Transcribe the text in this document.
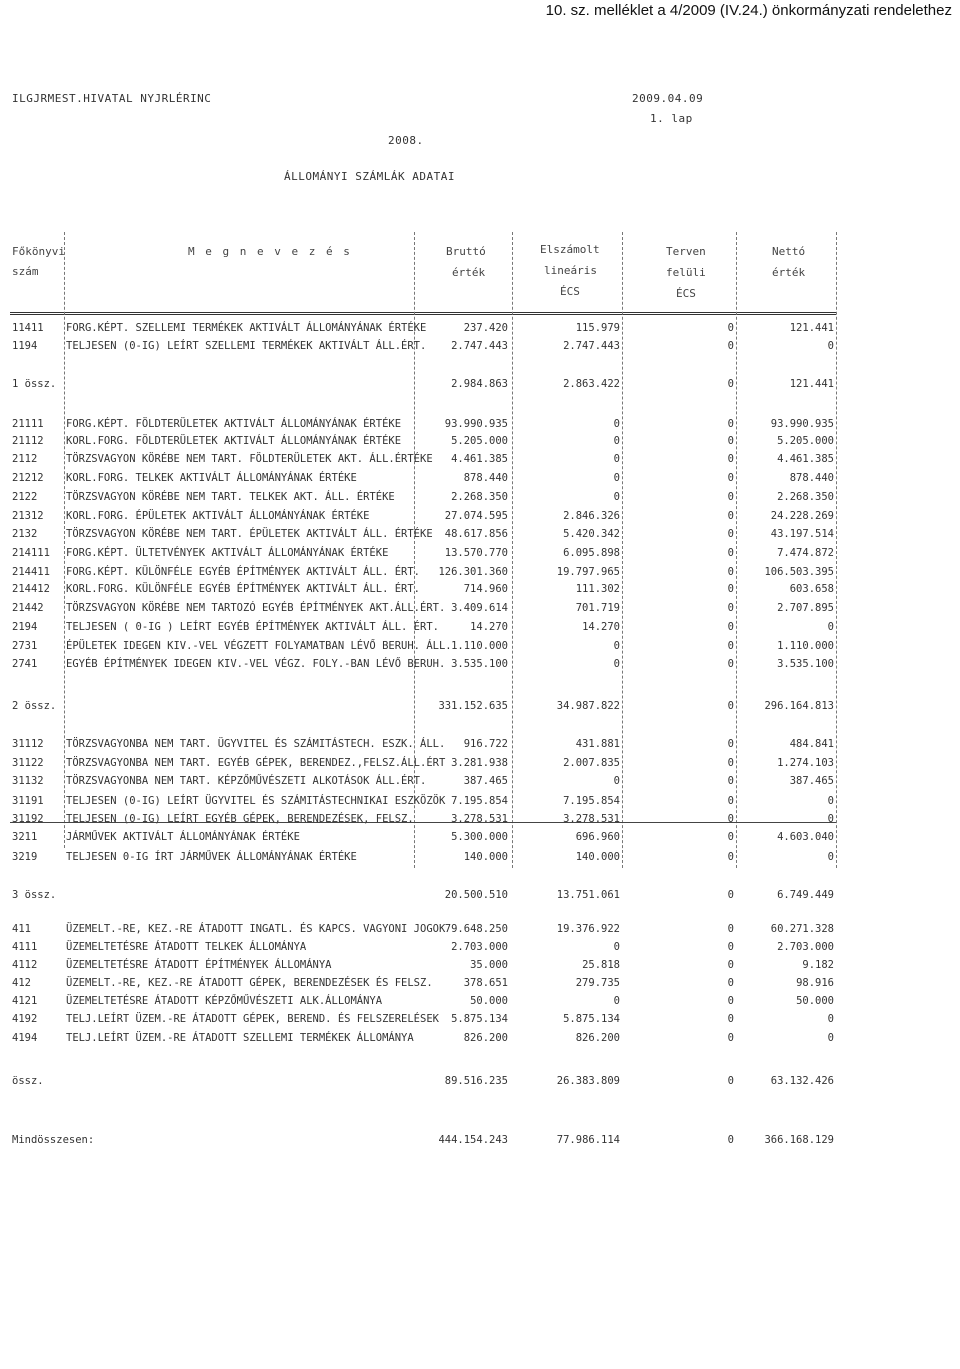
10. sz. melléklet a 4/2009 (IV.24.) önkormányzati rendelethez
ILGJRMEST.HIVATAL NYJRLÉRINC	2009.04.09
1. lap
2008.
ÁLLOMÁNYI SZÁMLÁK ADATAI
Főkönyvi
szám
M e g n e v e z é s	Bruttó
érték
Elszámolt
lineáris
ÉCS
Terven
felüli
ÉCS
Nettó
érték
11411	FORG.KÉPT. SZELLEMI TERMÉKEK AKTIVÁLT ÁLLOMÁNYÁNAK ÉRTÉKE	237.420	115.979	0	121.441
1194	TELJESEN (0-IG) LEÍRT SZELLEMI TERMÉKEK AKTIVÁLT ÁLL.ÉRT. 2.747.443	2.747.443	0	0
1 össz.	2.984.863	2.863.422	0	121.441
21111	FORG.KÉPT. FÖLDTERÜLETEK AKTIVÁLT ÁLLOMÁNYÁNAK ÉRTÉKE	93.990.935	0	0	93.990.935
21112	KORL.FORG. FÖLDTERÜLETEK AKTIVÁLT ÁLLOMÁNYÁNAK ÉRTÉKE	5.205.000	0	0	5.205.000
2112	TÖRZSVAGYON KÖRÉBE NEM TART. FÖLDTERÜLETEK AKT. ÁLL.ÉRTÉKE 4.461.385	0	0	4.461.385
21212	KORL.FORG. TELKEK AKTIVÁLT ÁLLOMÁNYÁNAK ÉRTÉKE	878.440	0	0	878.440
2122	TÖRZSVAGYON KÖRÉBE NEM TART. TELKEK AKT. ÁLL. ÉRTÉKE	2.268.350	0	0	2.268.350
21312	KORL.FORG. ÉPÜLETEK AKTIVÁLT ÁLLOMÁNYÁNAK ÉRTÉKE	27.074.595	2.846.326	0	24.228.269
2132	TÖRZSVAGYON KÖRÉBE NEM TART. ÉPÜLETEK AKTIVÁLT ÁLL. ÉRTÉKE 48.617.856	5.420.342	0	43.197.514
214111	FORG.KÉPT. ÜLTETVÉNYEK AKTIVÁLT ÁLLOMÁNYÁNAK ÉRTÉKE	13.570.770	6.095.898	0	7.474.872
214411	FORG.KÉPT. KÜLÖNFÉLE EGYÉB ÉPÍTMÉNYEK AKTIVÁLT ÁLL. ÉRT. 126.301.360	19.797.965	0	106.503.395
214412	KORL.FORG. KÜLÖNFÉLE EGYÉB ÉPÍTMÉNYEK AKTIVÁLT ÁLL. ÉRT.	714.960	111.302	0	603.658
21442	TÖRZSVAGYON KÖRÉBE NEM TARTOZÓ EGYÉB ÉPÍTMÉNYEK AKT.ÁLL.ÉRT. 3.409.614	701.719	0	2.707.895
2194	TELJESEN ( 0-IG ) LEÍRT EGYÉB ÉPÍTMÉNYEK AKTIVÁLT ÁLL. ÉRT.	14.270	14.270	0	0
2731	ÉPÜLETEK IDEGEN KIV.-VEL VÉGZETT FOLYAMATBAN LÉVŐ BERUH. ÁLL. 1.110.000	0	0	1.110.000
2741	EGYÉB ÉPÍTMÉNYEK IDEGEN KIV.-VEL VÉGZ. FOLY.-BAN LÉVŐ BERUH. 3.535.100	0	0	3.535.100
2 össz.	331.152.635	34.987.822	0	296.164.813
31112	TÖRZSVAGYONBA NEM TART. ÜGYVITEL ÉS SZÁMITÁSTECH. ESZK. ÁLL. 916.722	431.881	0	484.841
31122	TÖRZSVAGYONBA NEM TART. EGYÉB GÉPEK, BERENDEZ.,FELSZ.ÁLL.ÉRT 3.281.938	2.007.835	0	1.274.103
31132	TÖRZSVAGYONBA NEM TART. KÉPZŐMŰVÉSZETI ALKOTÁSOK ÁLL.ÉRT.	387.465	0	0	387.465
31191	TELJESEN (0-IG) LEÍRT ÜGYVITEL ÉS SZÁMITÁSTECHNIKAI ESZKÖZÖK 7.195.854	7.195.854	0	0
31192	TELJESEN (0-IG) LEÍRT EGYÉB GÉPEK, BERENDEZÉSEK, FELSZ.	3.278.531	3.278.531	0	0
3211	JÁRMŰVEK AKTIVÁLT ÁLLOMÁNYÁNAK ÉRTÉKE	5.300.000	696.960	0	4.603.040
3219	TELJESEN 0-IG ÍRT JÁRMŰVEK ÁLLOMÁNYÁNAK ÉRTÉKE	140.000	140.000	0	0
3 össz.	20.500.510	13.751.061	0	6.749.449
411	ÜZEMELT.-RE, KEZ.-RE ÁTADOTT INGATL. ÉS KAPCS. VAGYONI JOGOK 79.648.250	19.376.922	0	60.271.328
4111	ÜZEMELTETÉSRE ÁTADOTT TELKEK ÁLLOMÁNYA	2.703.000	0	0	2.703.000
4112	ÜZEMELTETÉSRE ÁTADOTT ÉPÍTMÉNYEK ÁLLOMÁNYA	35.000	25.818	0	9.182
412	ÜZEMELT.-RE, KEZ.-RE ÁTADOTT GÉPEK, BERENDEZÉSEK ÉS FELSZ.	378.651	279.735	0	98.916
4121	ÜZEMELTETÉSRE ÁTADOTT KÉPZŐMŰVÉSZETI ALK.ÁLLOMÁNYA	50.000	0	0	50.000
4192	TELJ.LEÍRT ÜZEM.-RE ÁTADOTT GÉPEK, BEREND. ÉS FELSZERELÉSEK 5.875.134	5.875.134	0	0
4194	TELJ.LEÍRT ÜZEM.-RE ÁTADOTT SZELLEMI TERMÉKEK ÁLLOMÁNYA	826.200	826.200	0	0
össz.	89.516.235	26.383.809	0	63.132.426
Mindösszesen:	444.154.243	77.986.114	0	366.168.129
